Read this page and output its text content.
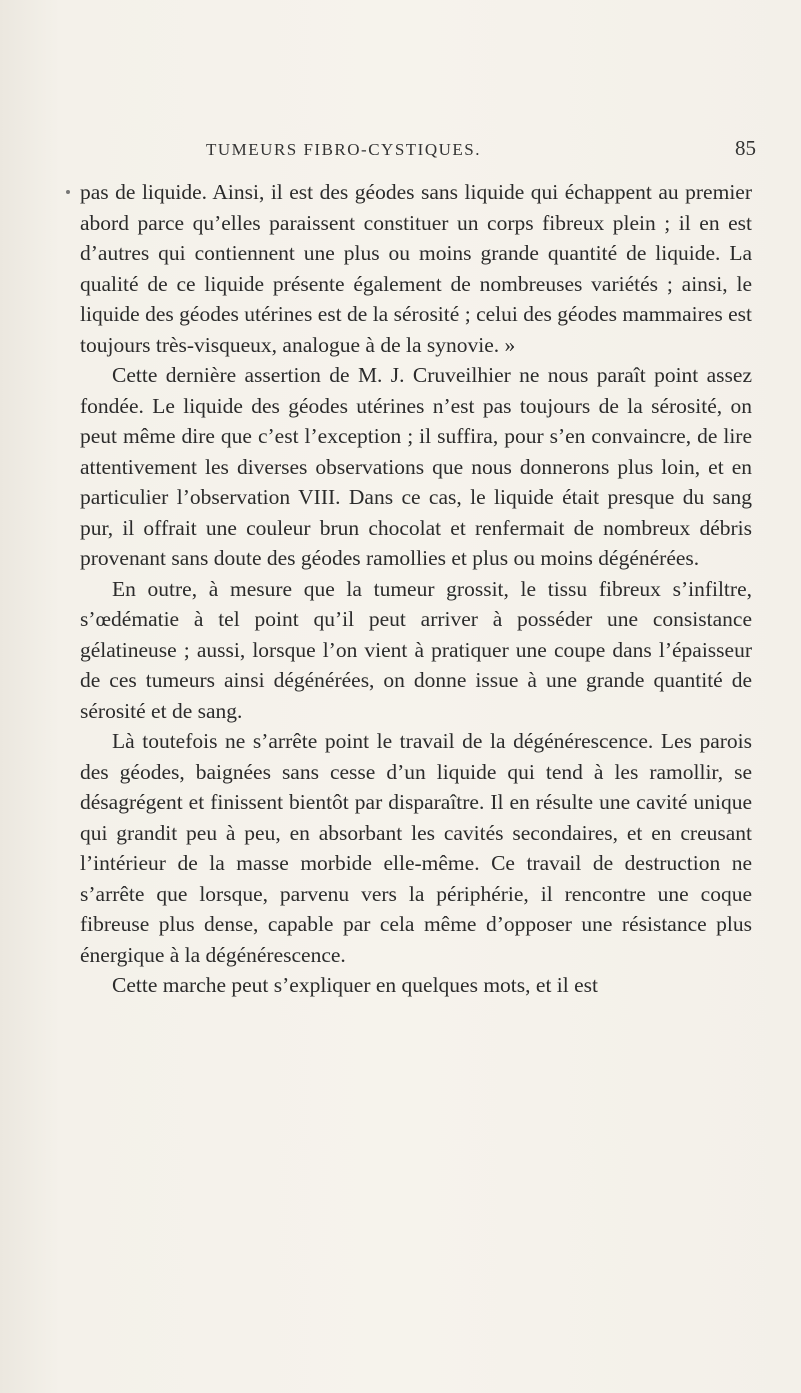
TUMEURS FIBRO-CYSTIQUES.	85

pas de liquide. Ainsi, il est des géodes sans liquide qui échappent au premier abord parce qu’elles paraissent constituer un corps fibreux plein ; il en est d’autres qui contiennent une plus ou moins grande quantité de liquide. La qualité de ce liquide présente également de nombreuses variétés ; ainsi, le liquide des géodes utérines est de la sérosité ; celui des géodes mammaires est toujours très-visqueux, analogue à de la synovie. »

Cette dernière assertion de M. J. Cruveilhier ne nous paraît point assez fondée. Le liquide des géodes utérines n’est pas toujours de la sérosité, on peut même dire que c’est l’exception ; il suffira, pour s’en convaincre, de lire attentivement les diverses observations que nous donnerons plus loin, et en particulier l’observation VIII. Dans ce cas, le liquide était presque du sang pur, il offrait une couleur brun chocolat et renfermait de nombreux débris provenant sans doute des géodes ramollies et plus ou moins dégénérées.

En outre, à mesure que la tumeur grossit, le tissu fibreux s’infiltre, s’œdématie à tel point qu’il peut arriver à posséder une consistance gélatineuse ; aussi, lorsque l’on vient à pratiquer une coupe dans l’épaisseur de ces tumeurs ainsi dégénérées, on donne issue à une grande quantité de sérosité et de sang.

Là toutefois ne s’arrête point le travail de la dégénérescence. Les parois des géodes, baignées sans cesse d’un liquide qui tend à les ramollir, se désagrégent et finissent bientôt par disparaître. Il en résulte une cavité unique qui grandit peu à peu, en absorbant les cavités secondaires, et en creusant l’intérieur de la masse morbide elle-même. Ce travail de destruction ne s’arrête que lorsque, parvenu vers la périphérie, il rencontre une coque fibreuse plus dense, capable par cela même d’opposer une résistance plus énergique à la dégénérescence.

Cette marche peut s’expliquer en quelques mots, et il est
